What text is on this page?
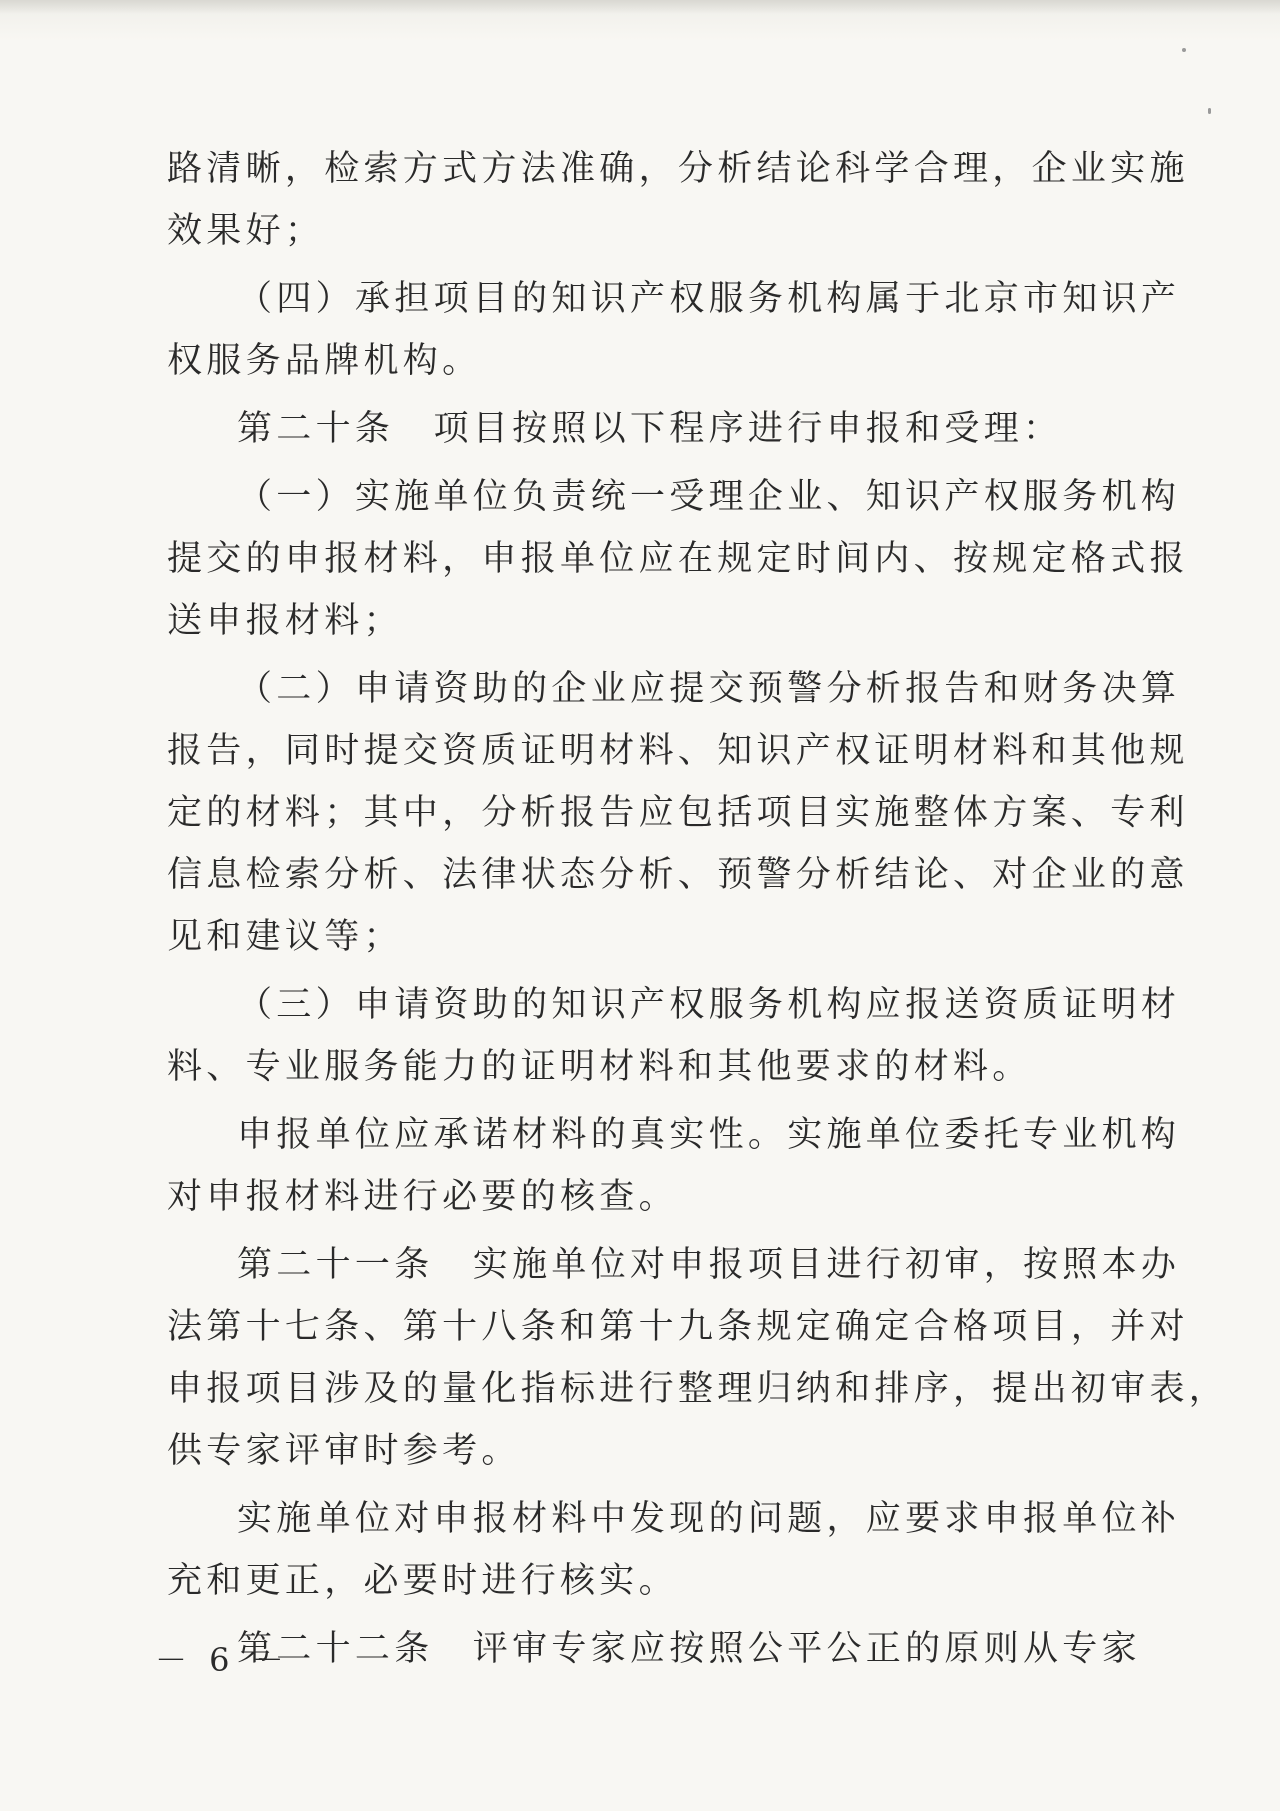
路清晰，检索方式方法准确，分析结论科学合理，企业实施
效果好；
（四）承担项目的知识产权服务机构属于北京市知识产
权服务品牌机构。
第二十条　项目按照以下程序进行申报和受理：
（一）实施单位负责统一受理企业、知识产权服务机构
提交的申报材料，申报单位应在规定时间内、按规定格式报
送申报材料；
（二）申请资助的企业应提交预警分析报告和财务决算
报告，同时提交资质证明材料、知识产权证明材料和其他规
定的材料；其中，分析报告应包括项目实施整体方案、专利
信息检索分析、法律状态分析、预警分析结论、对企业的意
见和建议等；
（三）申请资助的知识产权服务机构应报送资质证明材
料、专业服务能力的证明材料和其他要求的材料。
申报单位应承诺材料的真实性。实施单位委托专业机构
对申报材料进行必要的核查。
第二十一条　实施单位对申报项目进行初审，按照本办
法第十七条、第十八条和第十九条规定确定合格项目，并对
申报项目涉及的量化指标进行整理归纳和排序，提出初审表，
供专家评审时参考。
实施单位对申报材料中发现的问题，应要求申报单位补
充和更正，必要时进行核实。
第二十二条　评审专家应按照公平公正的原则从专家
－ 6 －
